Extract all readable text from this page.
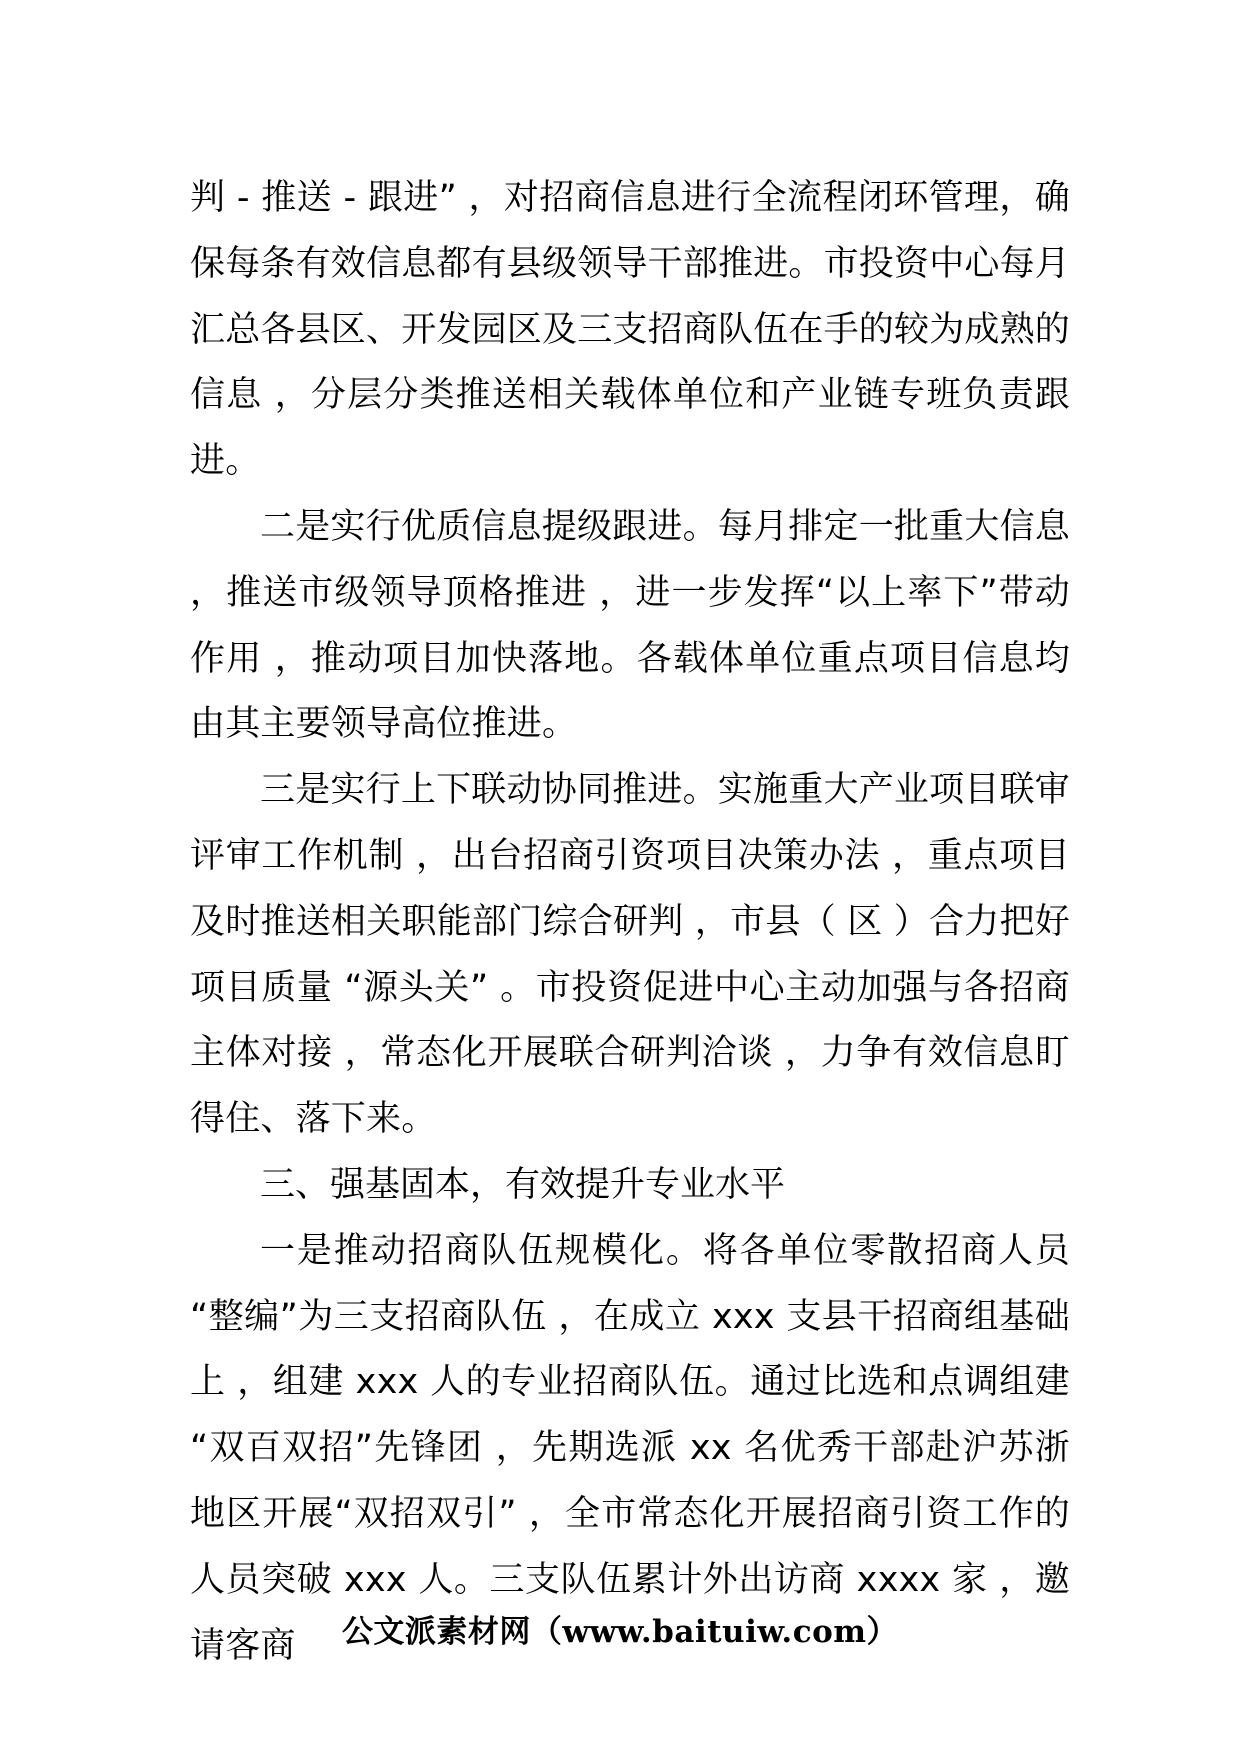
判 - 推送 - 跟进” ，对招商信息进行全流程闭环管理，确保每条有效信息都有县级领导干部推进。市投资中心每月汇总各县区、开发园区及三支招商队伍在手的较为成熟的信息 ，分层分类推送相关载体单位和产业链专班负责跟进。

二是实行优质信息提级跟进。每月排定一批重大信息 ，推送市级领导顶格推进 ，进一步发挥“以上率下”带动作用 ，推动项目加快落地。各载体单位重点项目信息均由其主要领导高位推进。

三是实行上下联动协同推进。实施重大产业项目联审评审工作机制 ，出台招商引资项目决策办法 ，重点项目及时推送相关职能部门综合研判 ，市县（ 区 ）合力把好项目质量 “源头关” 。市投资促进中心主动加强与各招商主体对接 ，常态化开展联合研判洽谈 ，力争有效信息盯得住、落下来。

三、强基固本，有效提升专业水平

一是推动招商队伍规模化。将各单位零散招商人员 “整编”为三支招商队伍 ，在成立 xxx 支县干招商组基础上 ，组建 xxx 人的专业招商队伍。通过比选和点调组建 “双百双招”先锋团 ，先期选派 xx 名优秀干部赴沪苏浙地区开展“双招双引” ，全市常态化开展招商引资工作的人员突破 xxx 人。三支队伍累计外出访商 xxxx 家 ，邀请客商	公文派素材网（www.baituiw.com）
